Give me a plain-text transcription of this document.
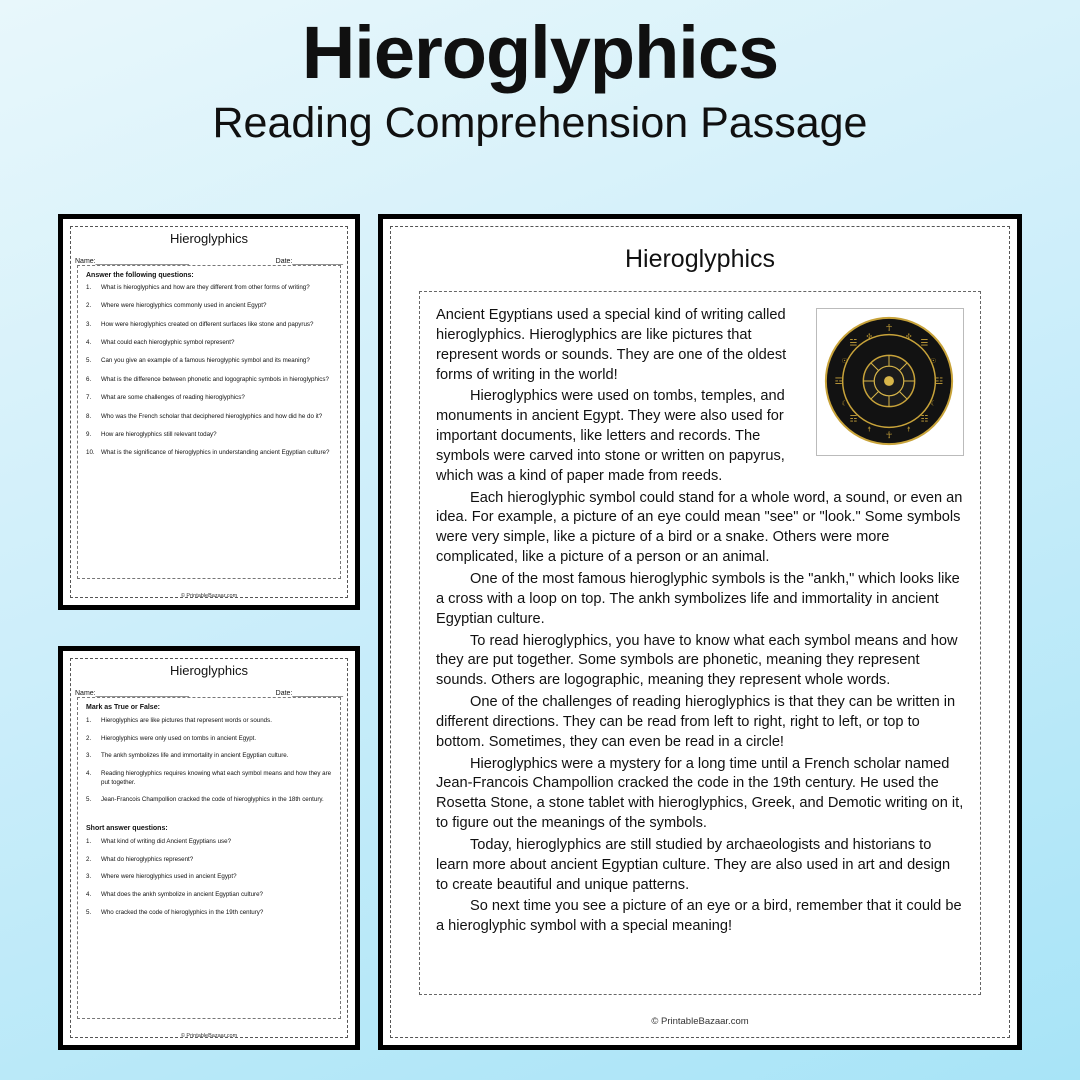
Hieroglyphics
Reading Comprehension Passage
Hieroglyphics
Name:________________________	Date:_____________
Answer the following questions:
1.	What is hieroglyphics and how are they different from other forms of writing?
2.	Where were hieroglyphics commonly used in ancient Egypt?
3.	How were hieroglyphics created on different surfaces like stone and papyrus?
4.	What could each hieroglyphic symbol represent?
5.	Can you give an example of a famous hieroglyphic symbol and its meaning?
6.	What is the difference between phonetic and logographic symbols in hieroglyphics?
7.	What are some challenges of reading hieroglyphics?
8.	Who was the French scholar that deciphered hieroglyphics and how did he do it?
9.	How are hieroglyphics still relevant today?
10. What is the significance of hieroglyphics in understanding ancient Egyptian culture?
© PrintableBazaar.com
Hieroglyphics
Name:________________________	Date:_____________
Mark as True or False:
1.	Hieroglyphics are like pictures that represent words or sounds.
2.	Hieroglyphics were only used on tombs in ancient Egypt.
3.	The ankh symbolizes life and immortality in ancient Egyptian culture.
4.	Reading hieroglyphics requires knowing what each symbol means and how they are put together.
5.	Jean-Francois Champollion cracked the code of hieroglyphics in the 18th century.
Short answer questions:
1.	What kind of writing did Ancient Egyptians use?
2.	What do hieroglyphics represent?
3.	Where were hieroglyphics used in ancient Egypt?
4.	What does the ankh symbolize in ancient Egyptian culture?
5.	Who cracked the code of hieroglyphics in the 19th century?
© PrintableBazaar.com
Hieroglyphics
☥
☰
☳
☷
☥
☶
☲
☱
✣
✣
☉
☉
☾
☾
☨
☨

Ancient Egyptians used a special kind of writing called hieroglyphics. Hieroglyphics are like pictures that represent words or sounds. They are one of the oldest forms of writing in the world!

Hieroglyphics were used on tombs, temples, and monuments in ancient Egypt. They were also used for important documents, like letters and records. The symbols were carved into stone or written on papyrus, which was a kind of paper made from reeds.

Each hieroglyphic symbol could stand for a whole word, a sound, or even an idea. For example, a picture of an eye could mean "see" or "look." Some symbols were very simple, like a picture of a bird or a snake. Others were more complicated, like a picture of a person or an animal.

One of the most famous hieroglyphic symbols is the "ankh," which looks like a cross with a loop on top. The ankh symbolizes life and immortality in ancient Egyptian culture.

To read hieroglyphics, you have to know what each symbol means and how they are put together. Some symbols are phonetic, meaning they represent sounds. Others are logographic, meaning they represent whole words.

One of the challenges of reading hieroglyphics is that they can be written in different directions. They can be read from left to right, right to left, or top to bottom. Sometimes, they can even be read in a circle!

Hieroglyphics were a mystery for a long time until a French scholar named Jean-Francois Champollion cracked the code in the 19th century. He used the Rosetta Stone, a stone tablet with hieroglyphics, Greek, and Demotic writing on it, to figure out the meanings of the symbols.

Today, hieroglyphics are still studied by archaeologists and historians to learn more about ancient Egyptian culture. They are also used in art and design to create beautiful and unique patterns.

So next time you see a picture of an eye or a bird, remember that it could be a hieroglyphic symbol with a special meaning!

© PrintableBazaar.com
